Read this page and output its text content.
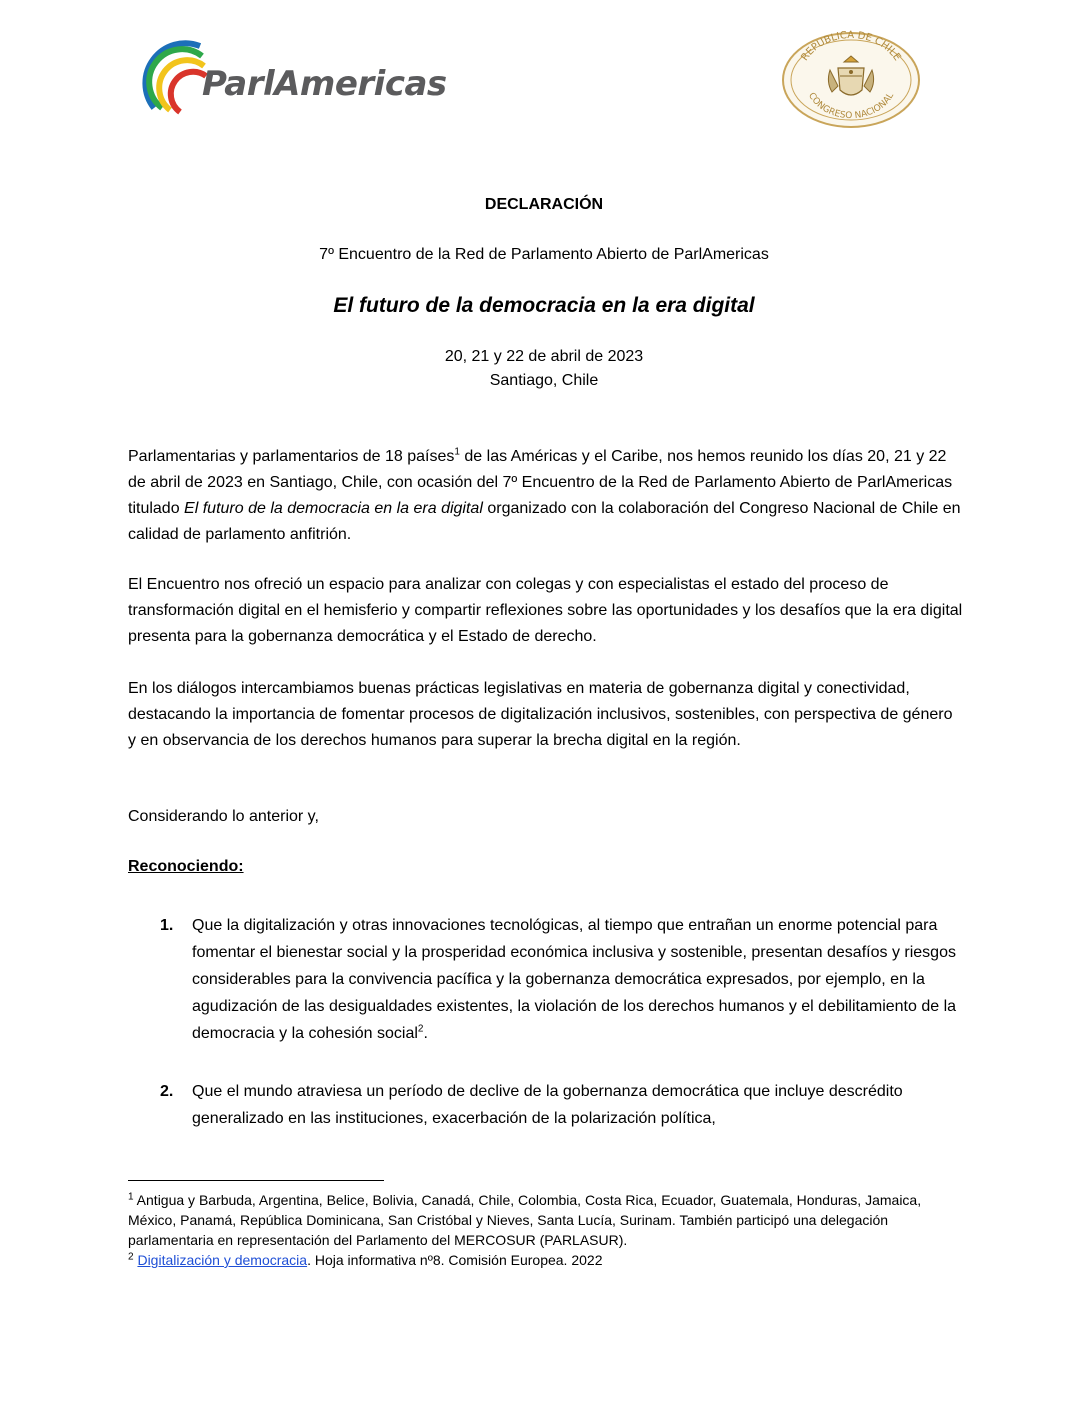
ParlAmericas
REPUBLICA DE CHILE
CONGRESO NACIONAL
DECLARACIÓN
7º Encuentro de la Red de Parlamento Abierto de ParlAmericas
El futuro de la democracia en la era digital
20, 21 y 22 de abril de 2023
Santiago, Chile
Parlamentarias y parlamentarios de 18 países$^1$ de las Américas y el Caribe, nos hemos reunido los días 20, 21 y 22 de abril de 2023 en Santiago, Chile, con ocasión del 7º Encuentro de la Red de Parlamento Abierto de ParlAmericas titulado El futuro de la democracia en la era digital organizado con la colaboración del Congreso Nacional de Chile en calidad de parlamento anfitrión.
El Encuentro nos ofreció un espacio para analizar con colegas y con especialistas el estado del proceso de transformación digital en el hemisferio y compartir reflexiones sobre las oportunidades y los desafíos que la era digital presenta para la gobernanza democrática y el Estado de derecho.
En los diálogos intercambiamos buenas prácticas legislativas en materia de gobernanza digital y conectividad, destacando la importancia de fomentar procesos de digitalización inclusivos, sostenibles, con perspectiva de género y en observancia de los derechos humanos para superar la brecha digital en la región.
Considerando lo anterior y,
Reconociendo:
1.	Que la digitalización y otras innovaciones tecnológicas, al tiempo que entrañan un enorme potencial para fomentar el bienestar social y la prosperidad económica inclusiva y sostenible, presentan desafíos y riesgos considerables para la convivencia pacífica y la gobernanza democrática expresados, por ejemplo, en la agudización de las desigualdades existentes, la violación de los derechos humanos y el debilitamiento de la democracia y la cohesión social$^2$.
2.	Que el mundo atraviesa un período de declive de la gobernanza democrática que incluye descrédito generalizado en las instituciones, exacerbación de la polarización política,

$^1$ Antigua y Barbuda, Argentina, Belice, Bolivia, Canadá, Chile, Colombia, Costa Rica, Ecuador, Guatemala, Honduras, Jamaica, México, Panamá, República Dominicana, San Cristóbal y Nieves, Santa Lucía, Surinam. También participó una delegación parlamentaria en representación del Parlamento del MERCOSUR (PARLASUR).

$^2$ Digitalización y democracia. Hoja informativa nº8. Comisión Europea. 2022
